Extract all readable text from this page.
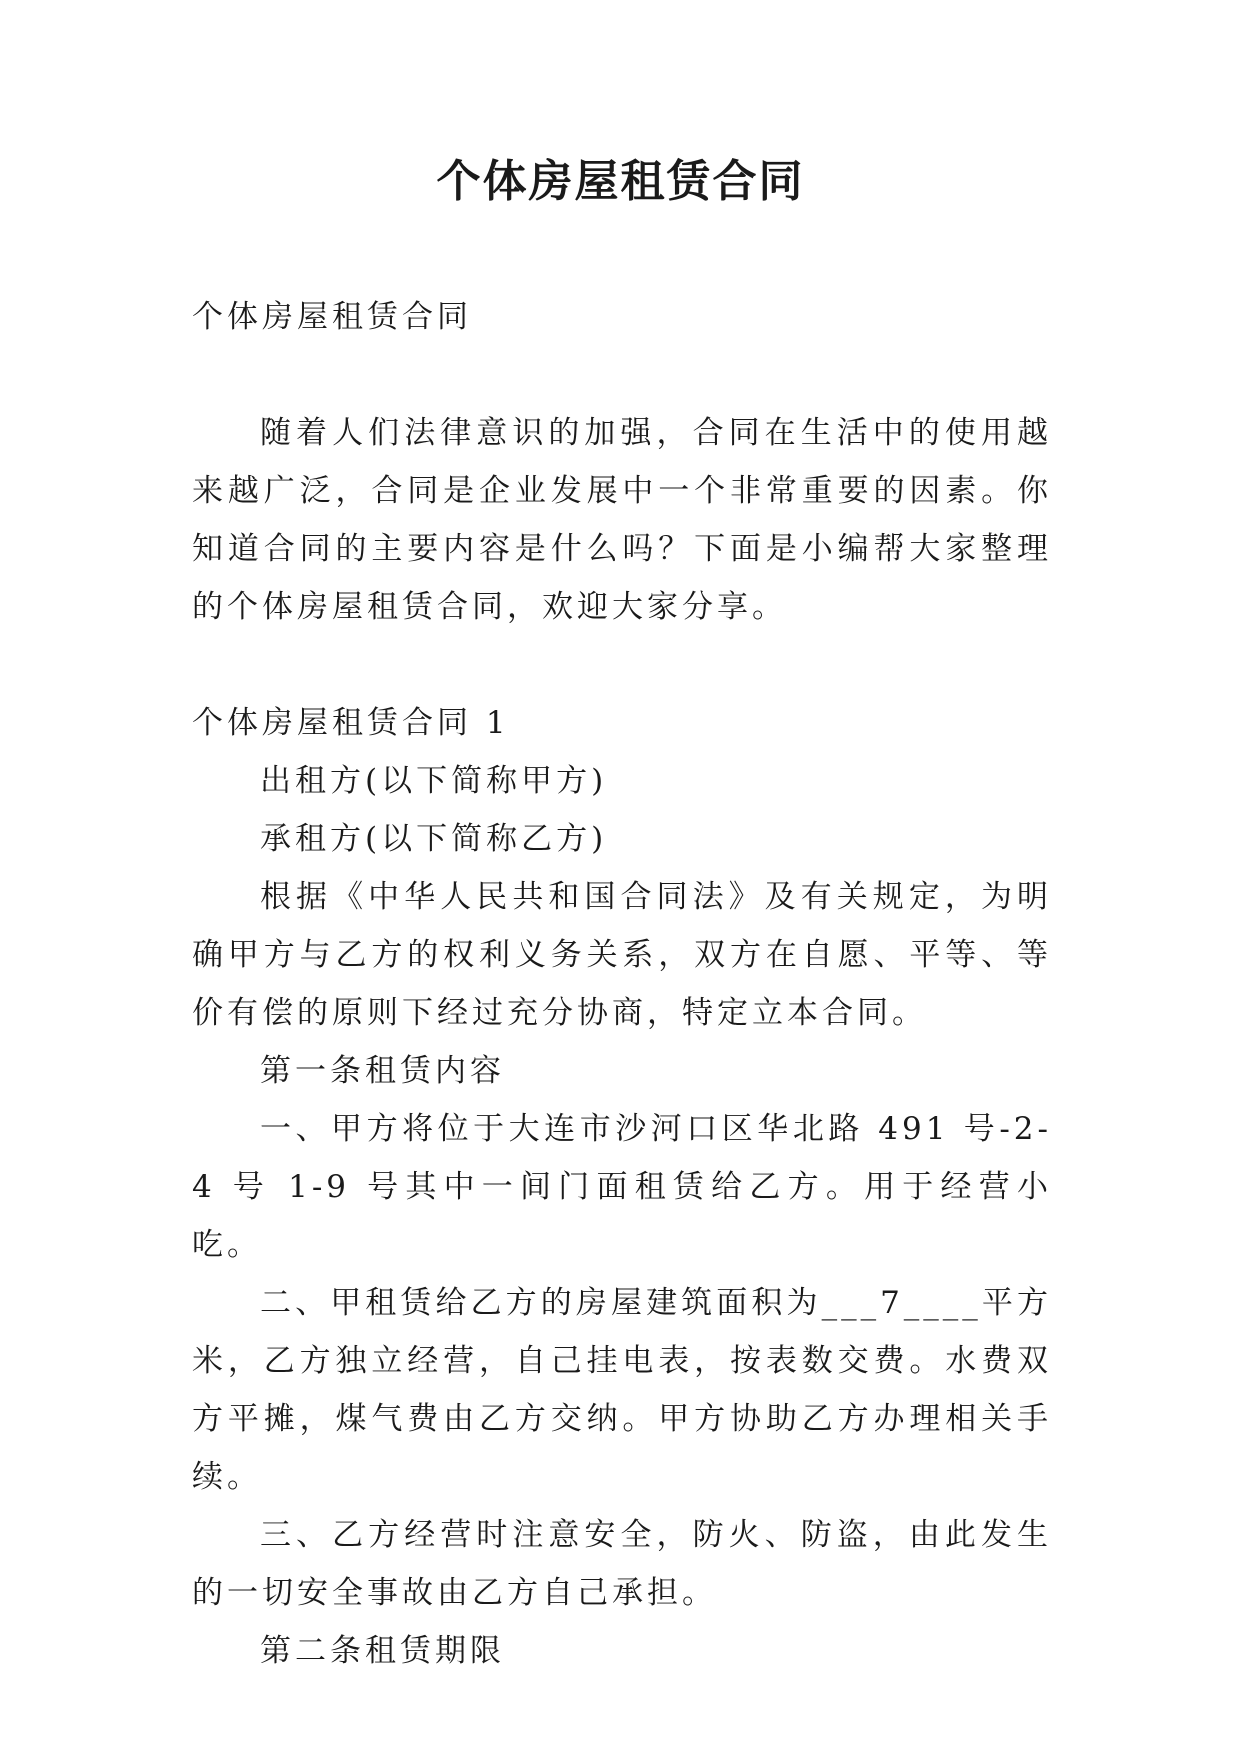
个体房屋租赁合同

个体房屋租赁合同

随着人们法律意识的加强，合同在生活中的使用越来越广泛，合同是企业发展中一个非常重要的因素。你知道合同的主要内容是什么吗？下面是小编帮大家整理的个体房屋租赁合同，欢迎大家分享。

个体房屋租赁合同 1

出租方(以下简称甲方)

承租方(以下简称乙方)

根据《中华人民共和国合同法》及有关规定，为明确甲方与乙方的权利义务关系，双方在自愿、平等、等价有偿的原则下经过充分协商，特定立本合同。

第一条租赁内容

一、甲方将位于大连市沙河口区华北路 491 号-2-4 号 1-9 号其中一间门面租赁给乙方。用于经营小吃。

二、甲租赁给乙方的房屋建筑面积为___7____平方米，乙方独立经营，自己挂电表，按表数交费。水费双方平摊，煤气费由乙方交纳。甲方协助乙方办理相关手续。

三、乙方经营时注意安全，防火、防盗，由此发生的一切安全事故由乙方自己承担。

第二条租赁期限
